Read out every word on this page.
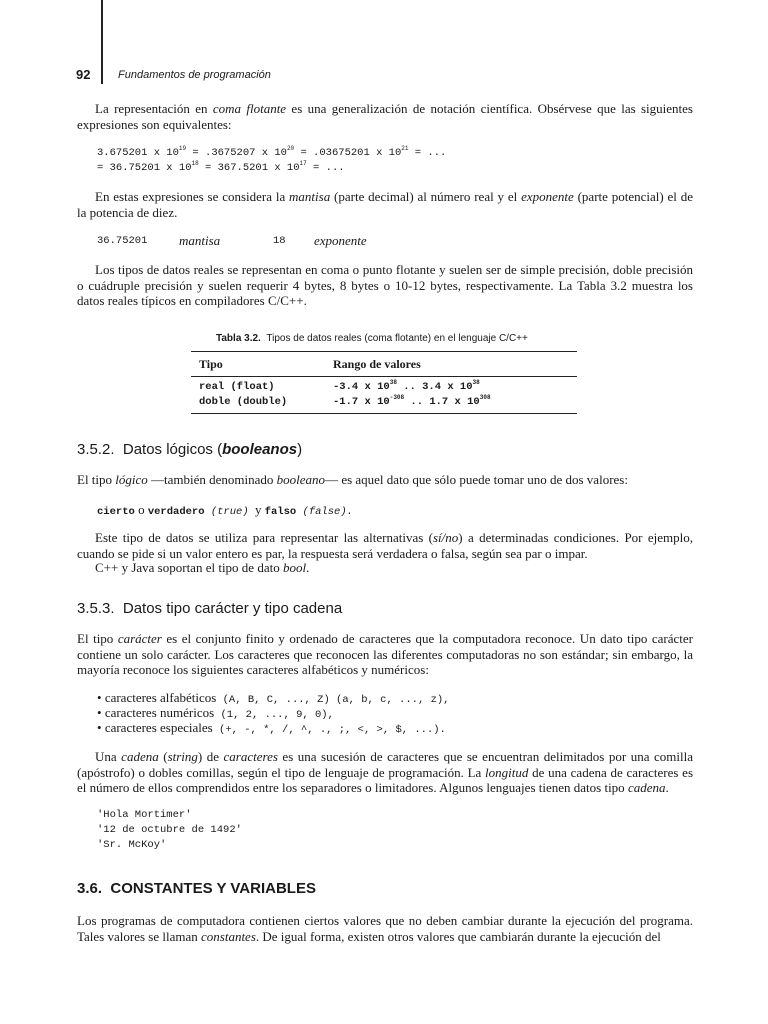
92	Fundamentos de programación
La representación en coma flotante es una generalización de notación científica. Obsérvese que las siguientes expresiones son equivalentes:
3.675201 x $10^{19} = .3675207$ x $10^{20} = .03675201$ x $10^{21}$ = ...
= 36.75201 x $10^{18} = 367.5201$ x $10^{17}$ = ...
En estas expresiones se considera la mantisa (parte decimal) al número real y el exponente (parte potencial) el de la potencia de diez.
36.75201 mantisa	18 exponente
Los tipos de datos reales se representan en coma o punto flotante y suelen ser de simple precisión, doble precisión o cuádruple precisión y suelen requerir 4 bytes, 8 bytes o 10-12 bytes, respectivamente. La Tabla 3.2 muestra los datos reales típicos en compiladores C/C++.
Tabla 3.2. Tipos de datos reales (coma flotante) en el lenguaje C/C++
Tipo	Rango de valores
real (float)	-3.4 x $10^{38}$ .. 3.4 x $10^{38}$
doble (double)	-1.7 x $10^{-308}$ .. 1.7 x $10^{308}$
3.5.2. Datos lógicos (booleanos)
El tipo lógico —también denominado booleano— es aquel dato que sólo puede tomar uno de dos valores:
cierto o verdadero (true) y falso (false).
Este tipo de datos se utiliza para representar las alternativas (sí/no) a determinadas condiciones. Por ejemplo, cuando se pide si un valor entero es par, la respuesta será verdadera o falsa, según sea par o impar.
C++ y Java soportan el tipo de dato bool.
3.5.3. Datos tipo carácter y tipo cadena
El tipo carácter es el conjunto finito y ordenado de caracteres que la computadora reconoce. Un dato tipo carácter contiene un solo carácter. Los caracteres que reconocen las diferentes computadoras no son estándar; sin embargo, la mayoría reconoce los siguientes caracteres alfabéticos y numéricos:
• caracteres alfabéticos (A, B, C, ..., Z) (a, b, c, ..., z),
• caracteres numéricos (1, 2, ..., 9, 0),
• caracteres especiales (+, -, *, /, ^, ., ;, <, >, $, ...).
Una cadena (string) de caracteres es una sucesión de caracteres que se encuentran delimitados por una comilla (apóstrofo) o dobles comillas, según el tipo de lenguaje de programación. La longitud de una cadena de caracteres es el número de ellos comprendidos entre los separadores o limitadores. Algunos lenguajes tienen datos tipo cadena.
'Hola Mortimer'
'12 de octubre de 1492'
'Sr. McKoy'
3.6. CONSTANTES Y VARIABLES
Los programas de computadora contienen ciertos valores que no deben cambiar durante la ejecución del programa. Tales valores se llaman constantes. De igual forma, existen otros valores que cambiarán durante la ejecución del
